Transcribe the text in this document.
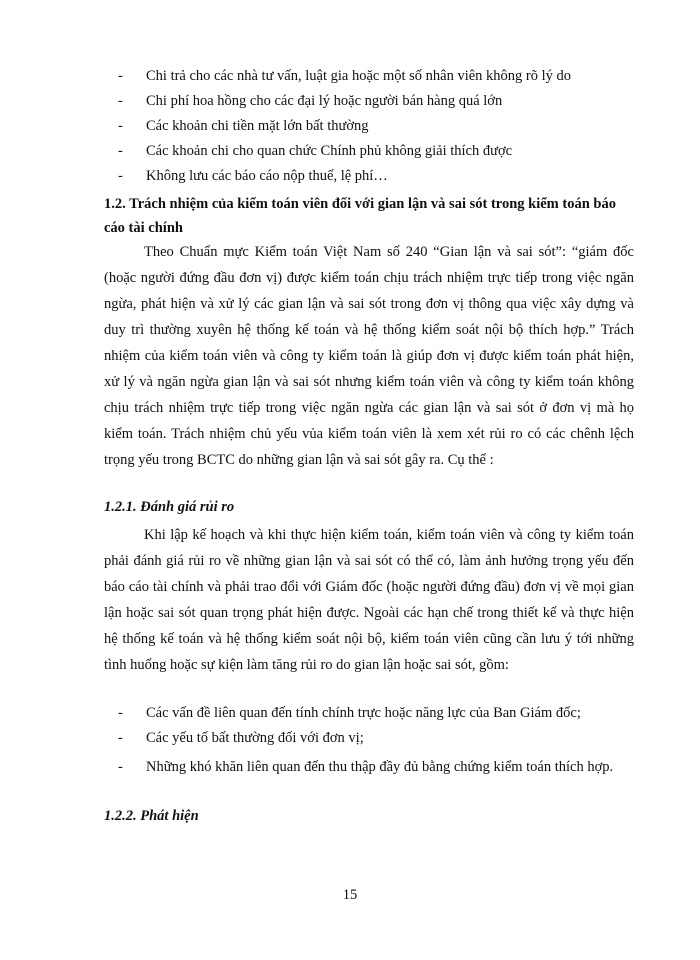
- Chi trả cho các nhà tư vấn, luật gia hoặc một số nhân viên không rõ lý do
- Chi phí hoa hồng cho các đại lý hoặc người bán hàng quá lớn
- Các khoản chi tiền mặt lớn bất thường
- Các khoản chi cho quan chức Chính phủ không giải thích được
- Không lưu các báo cáo nộp thuế, lệ phí…
1.2. Trách nhiệm của kiểm toán viên đối với gian lận và sai sót trong kiểm toán báo cáo tài chính

Theo Chuẩn mực Kiểm toán Việt Nam số 240 “Gian lận và sai sót”: “giám đốc (hoặc người đứng đầu đơn vị) được kiểm toán chịu trách nhiệm trực tiếp trong việc ngăn ngừa, phát hiện và xử lý các gian lận và sai sót trong đơn vị thông qua việc xây dựng và duy trì thường xuyên hệ thống kế toán và hệ thống kiểm soát nội bộ thích hợp.” Trách nhiệm của kiểm toán viên và công ty kiểm toán là giúp đơn vị được kiểm toán phát hiện, xử lý và ngăn ngừa gian lận và sai sót nhưng kiểm toán viên và công ty kiểm toán không chịu trách nhiệm trực tiếp trong việc ngăn ngừa các gian lận và sai sót ở đơn vị mà họ kiểm toán. Trách nhiệm chủ yếu vủa kiểm toán viên là xem xét rủi ro có các chênh lệch trọng yếu trong BCTC do những gian lận và sai sót gây ra. Cụ thể :

1.2.1. Đánh giá rủi ro

Khi lập kế hoạch và khi thực hiện kiểm toán, kiểm toán viên và công ty kiểm toán phải đánh giá rủi ro về những gian lận và sai sót có thể có, làm ảnh hưởng trọng yếu đến báo cáo tài chính và phải trao đổi với Giám đốc (hoặc người đứng đầu) đơn vị về mọi gian lận hoặc sai sót quan trọng phát hiện được. Ngoài các hạn chế trong thiết kế và thực hiện hệ thống kế toán và hệ thống kiểm soát nội bộ, kiểm toán viên cũng cần lưu ý tới những tình huống hoặc sự kiện làm tăng rủi ro do gian lận hoặc sai sót, gồm:

- Các vấn đề liên quan đến tính chính trực hoặc năng lực của Ban Giám đốc;
- Các yếu tố bất thường đối với đơn vị;
- Những khó khăn liên quan đến thu thập đầy đủ bằng chứng kiểm toán thích hợp.
1.2.2. Phát hiện
15
